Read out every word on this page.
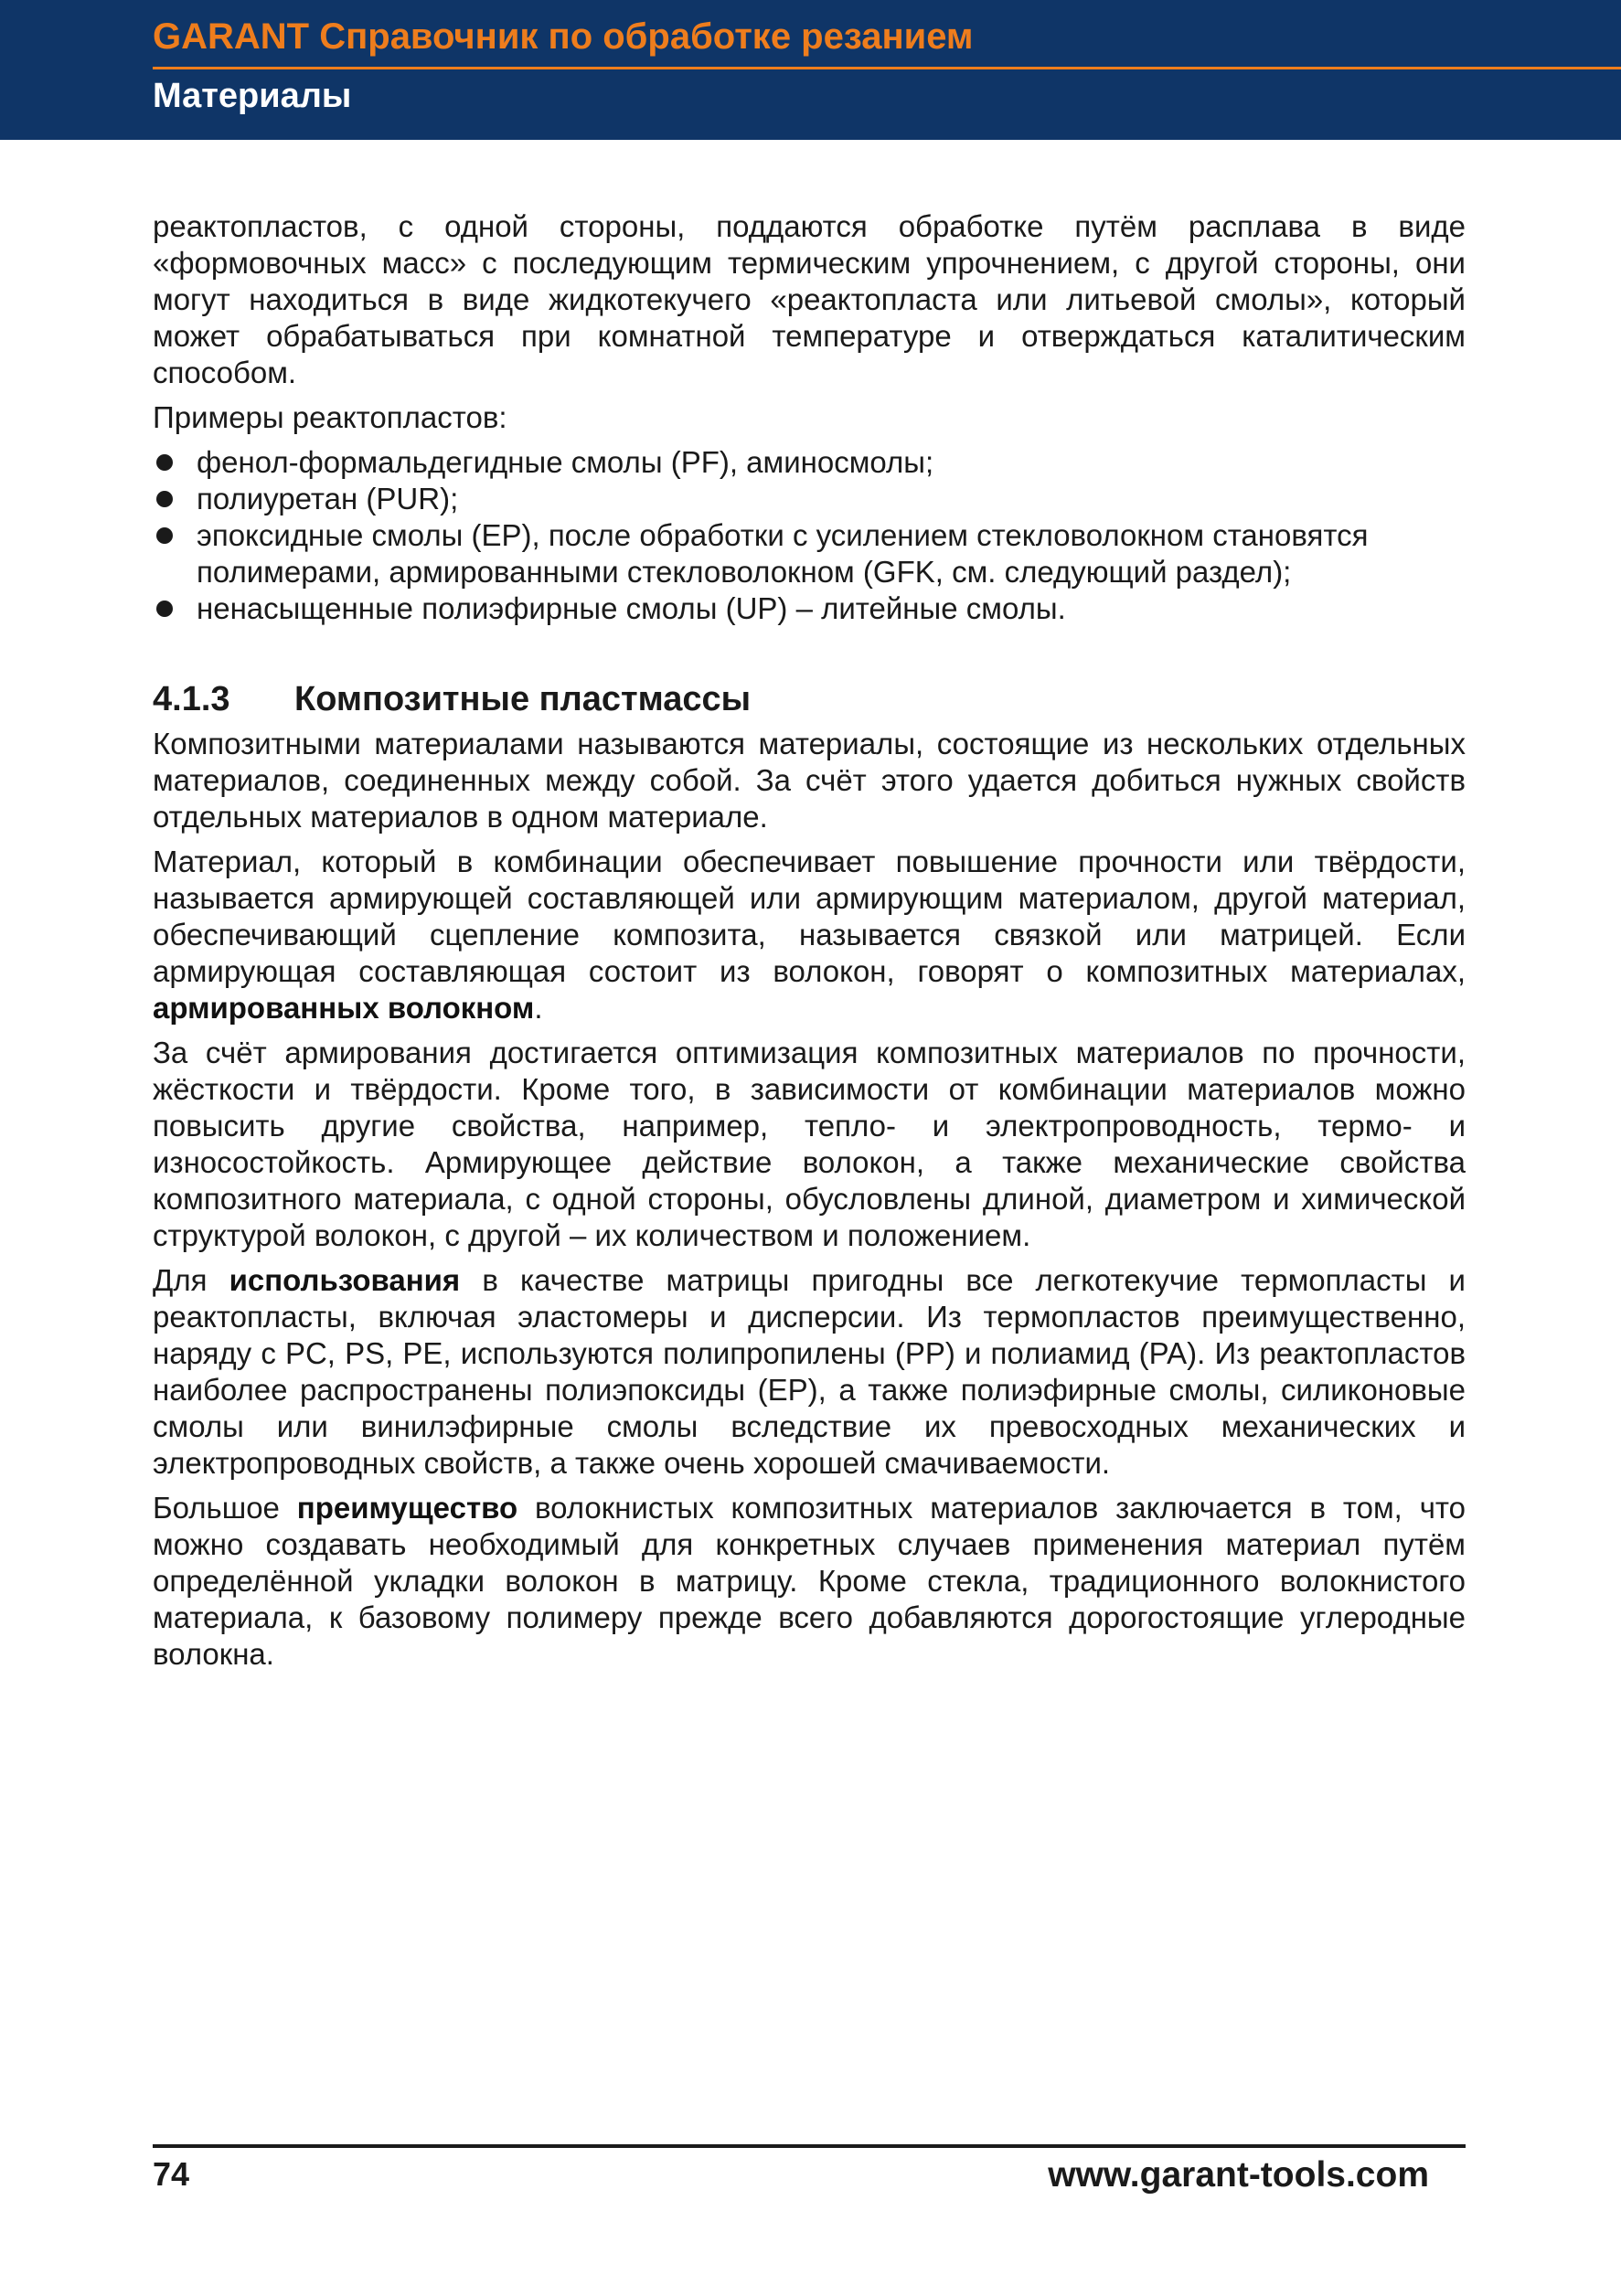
GARANT Справочник по обработке резанием
Материалы

реактопластов, с одной стороны, поддаются обработке путём расплава в виде «формовочных масс» с последующим термическим упрочнением, с другой стороны, они могут находиться в виде жидкотекучего «реактопласта или литьевой смолы», который может обрабатываться при комнатной температуре и отверждаться каталитическим способом.

Примеры реактопластов:

фенол-формальдегидные смолы (PF), аминосмолы;
полиуретан (PUR);
эпоксидные смолы (EP), после обработки с усилением стекловолокном становятся полимерами, армированными стекловолокном (GFK, см. следующий раздел);
ненасыщенные полиэфирные смолы (UP) – литейные смолы.
4.1.3 Композитные пластмассы

Композитными материалами называются материалы, состоящие из нескольких отдельных материалов, соединенных между собой. За счёт этого удается добиться нужных свойств отдельных материалов в одном материале.

Материал, который в комбинации обеспечивает повышение прочности или твёрдости, называется армирующей составляющей или армирующим материалом, другой материал, обеспечивающий сцепление композита, называется связкой или матрицей. Если армирующая составляющая состоит из волокон, говорят о композитных материалах, армированных волокном.

За счёт армирования достигается оптимизация композитных материалов по прочности, жёсткости и твёрдости. Кроме того, в зависимости от комбинации материалов можно повысить другие свойства, например, тепло- и электропроводность, термо- и износостойкость. Армирующее действие волокон, а также механические свойства композитного материала, с одной стороны, обусловлены длиной, диаметром и химической структурой волокон, с другой – их количеством и положением.

Для использования в качестве матрицы пригодны все легкотекучие термопласты и реактопласты, включая эластомеры и дисперсии. Из термопластов преимущественно, наряду с PC, PS, PE, используются полипропилены (PP) и полиамид (PA). Из реактопластов наиболее распространены полиэпоксиды (EP), а также полиэфирные смолы, силиконовые смолы или винилэфирные смолы вследствие их превосходных механических и электропроводных свойств, а также очень хорошей смачиваемости.

Большое преимущество волокнистых композитных материалов заключается в том, что можно создавать необходимый для конкретных случаев применения материал путём определённой укладки волокон в матрицу. Кроме стекла, традиционного волокнистого материала, к базовому полимеру прежде всего добавляются дорогостоящие углеродные волокна.

74	www.garant-tools.com
